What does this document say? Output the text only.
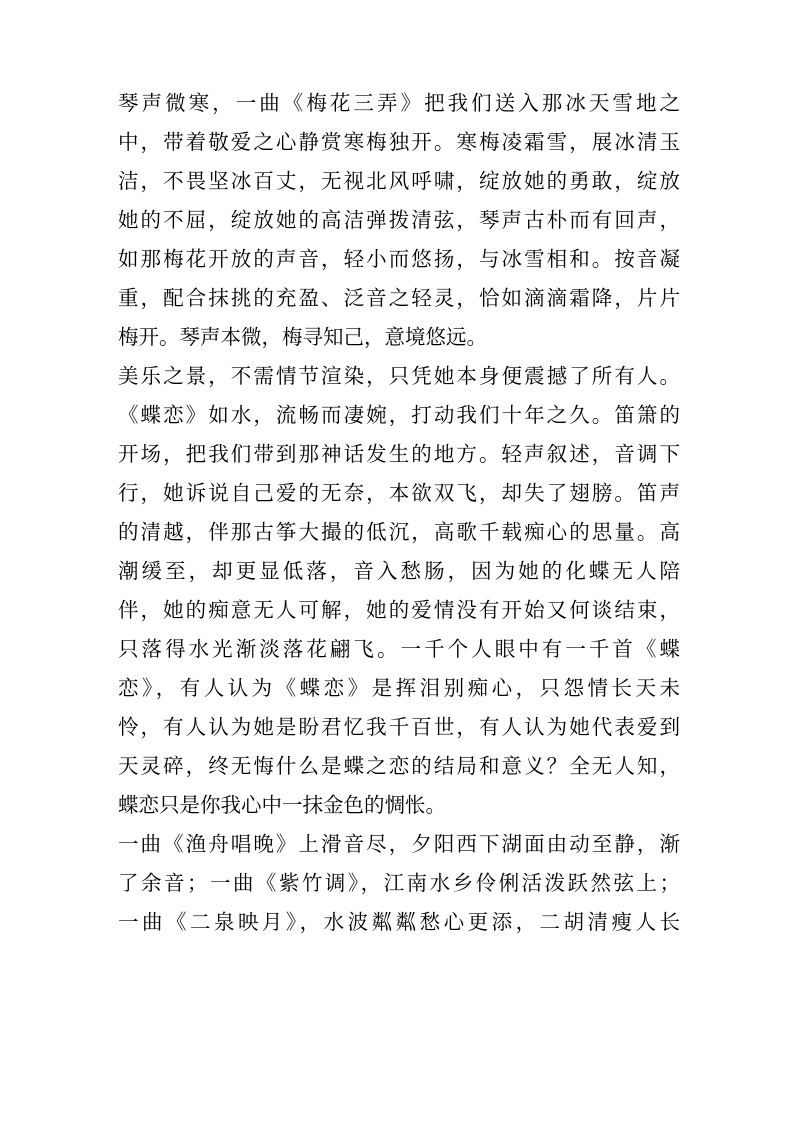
琴声微寒，一曲《梅花三弄》把我们送入那冰天雪地之
中，带着敬爱之心静赏寒梅独开。寒梅凌霜雪，展冰清玉
洁，不畏坚冰百丈，无视北风呼啸，绽放她的勇敢，绽放
她的不屈，绽放她的高洁弹拨清弦，琴声古朴而有回声，
如那梅花开放的声音，轻小而悠扬，与冰雪相和。按音凝
重，配合抹挑的充盈、泛音之轻灵，恰如滴滴霜降，片片
梅开。琴声本微，梅寻知己，意境悠远。
美乐之景，不需情节渲染，只凭她本身便震撼了所有人。
《蝶恋》如水，流畅而凄婉，打动我们十年之久。笛箫的
开场，把我们带到那神话发生的地方。轻声叙述，音调下
行，她诉说自己爱的无奈，本欲双飞，却失了翅膀。笛声
的清越，伴那古筝大撮的低沉，高歌千载痴心的思量。高
潮缓至，却更显低落，音入愁肠，因为她的化蝶无人陪
伴，她的痴意无人可解，她的爱情没有开始又何谈结束，
只落得水光渐淡落花翩飞。一千个人眼中有一千首《蝶
恋》，有人认为《蝶恋》是挥泪别痴心，只怨情长天未
怜，有人认为她是盼君忆我千百世，有人认为她代表爱到
天灵碎，终无悔什么是蝶之恋的结局和意义？全无人知，
蝶恋只是你我心中一抹金色的惆怅。
一曲《渔舟唱晚》上滑音尽，夕阳西下湖面由动至静，渐
了余音；一曲《紫竹调》，江南水乡伶俐活泼跃然弦上；
一曲《二泉映月》，水波粼粼愁心更添，二胡清瘦人长
